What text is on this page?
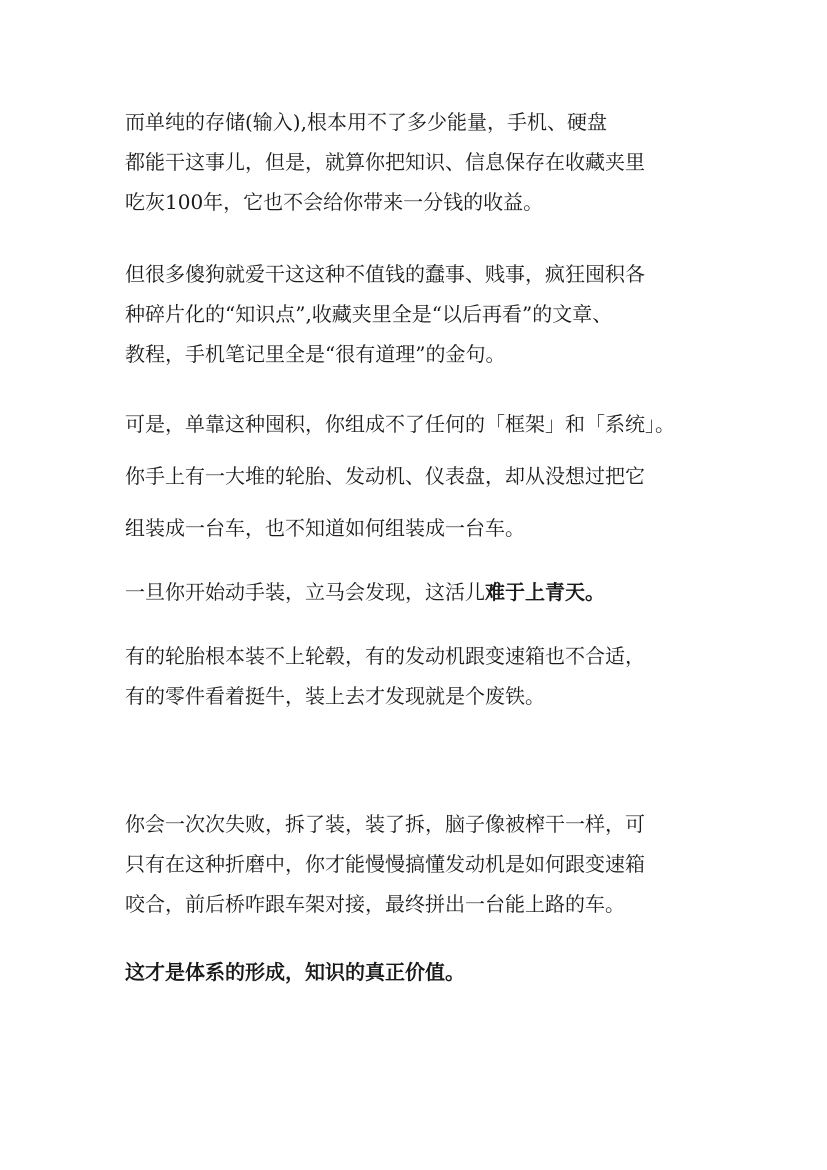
而单纯的存储(输入),根本用不了多少能量，手机、硬盘
都能干这事儿，但是，就算你把知识、信息保存在收藏夹里
吃灰100年，它也不会给你带来一分钱的收益。

但很多傻狗就爱干这这种不值钱的蠢事、贱事，疯狂囤积各
种碎片化的“知识点”,收藏夹里全是“以后再看”的文章、
教程，手机笔记里全是“很有道理”的金句。

可是，单靠这种囤积，你组成不了任何的「框架」和「系统」。

你手上有一大堆的轮胎、发动机、仪表盘，却从没想过把它

组装成一台车，也不知道如何组装成一台车。

一旦你开始动手装，立马会发现，这活儿难于上青天。

有的轮胎根本装不上轮毂，有的发动机跟变速箱也不合适，
有的零件看着挺牛，装上去才发现就是个废铁。

你会一次次失败，拆了装，装了拆，脑子像被榨干一样，可
只有在这种折磨中，你才能慢慢搞懂发动机是如何跟变速箱
咬合，前后桥咋跟车架对接，最终拼出一台能上路的车。

这才是体系的形成，知识的真正价值。
